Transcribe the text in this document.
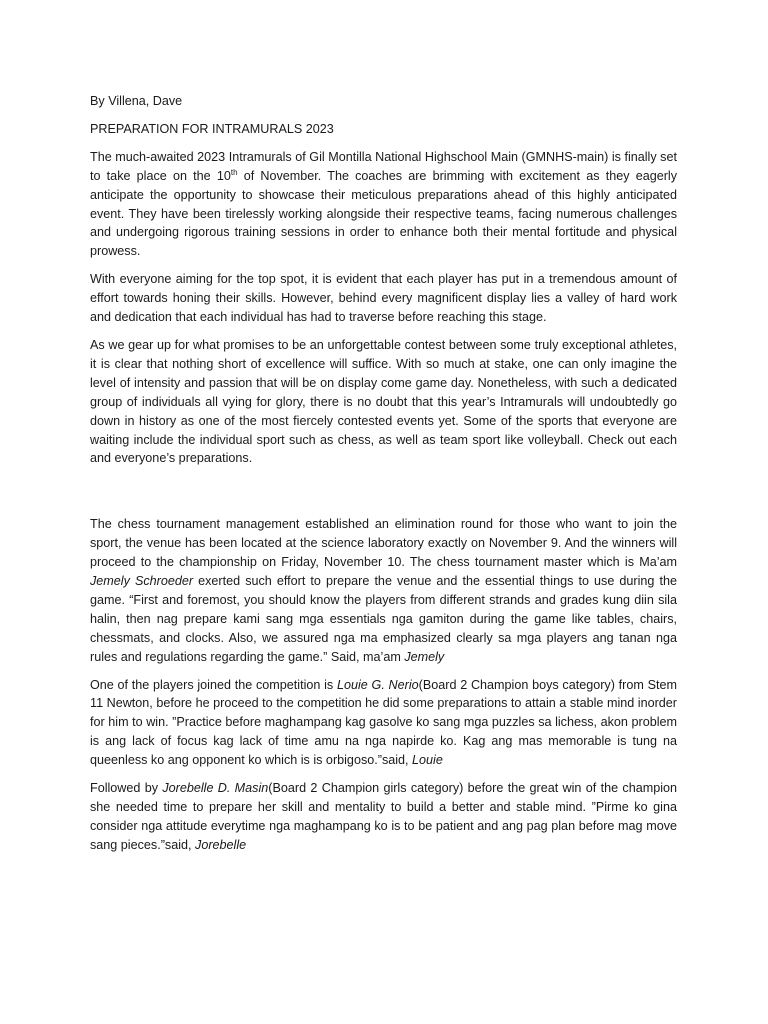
By Villena, Dave
PREPARATION FOR INTRAMURALS 2023

The much-awaited 2023 Intramurals of Gil Montilla National Highschool Main (GMNHS-main) is finally set to take place on the 10th of November. The coaches are brimming with excitement as they eagerly anticipate the opportunity to showcase their meticulous preparations ahead of this highly anticipated event. They have been tirelessly working alongside their respective teams, facing numerous challenges and undergoing rigorous training sessions in order to enhance both their mental fortitude and physical prowess.

With everyone aiming for the top spot, it is evident that each player has put in a tremendous amount of effort towards honing their skills. However, behind every magnificent display lies a valley of hard work and dedication that each individual has had to traverse before reaching this stage.

As we gear up for what promises to be an unforgettable contest between some truly exceptional athletes, it is clear that nothing short of excellence will suffice. With so much at stake, one can only imagine the level of intensity and passion that will be on display come game day. Nonetheless, with such a dedicated group of individuals all vying for glory, there is no doubt that this year’s Intramurals will undoubtedly go down in history as one of the most fiercely contested events yet. Some of the sports that everyone are waiting include the individual sport such as chess, as well as team sport like volleyball. Check out each and everyone’s preparations.

The chess tournament management established an elimination round for those who want to join the sport, the venue has been located at the science laboratory exactly on November 9. And the winners will proceed to the championship on Friday, November 10. The chess tournament master which is Ma’am Jemely Schroeder exerted such effort to prepare the venue and the essential things to use during the game. “First and foremost, you should know the players from different strands and grades kung diin sila halin, then nag prepare kami sang mga essentials nga gamiton during the game like tables, chairs, chessmats, and clocks. Also, we assured nga ma emphasized clearly sa mga players ang tanan nga rules and regulations regarding the game.” Said, ma’am Jemely

One of the players joined the competition is Louie G. Nerio(Board 2 Champion boys category) from Stem 11 Newton, before he proceed to the competition he did some preparations to attain a stable mind inorder for him to win. ”Practice before maghampang kag gasolve ko sang mga puzzles sa lichess, akon problem is ang lack of focus kag lack of time amu na nga napirde ko. Kag ang mas memorable is tung na queenless ko ang opponent ko which is is orbigoso.”said, Louie

Followed by Jorebelle D. Masin(Board 2 Champion girls category) before the great win of the champion she needed time to prepare her skill and mentality to build a better and stable mind. ”Pirme ko gina consider nga attitude everytime nga maghampang ko is to be patient and ang pag plan before mag move sang pieces.”said, Jorebelle
